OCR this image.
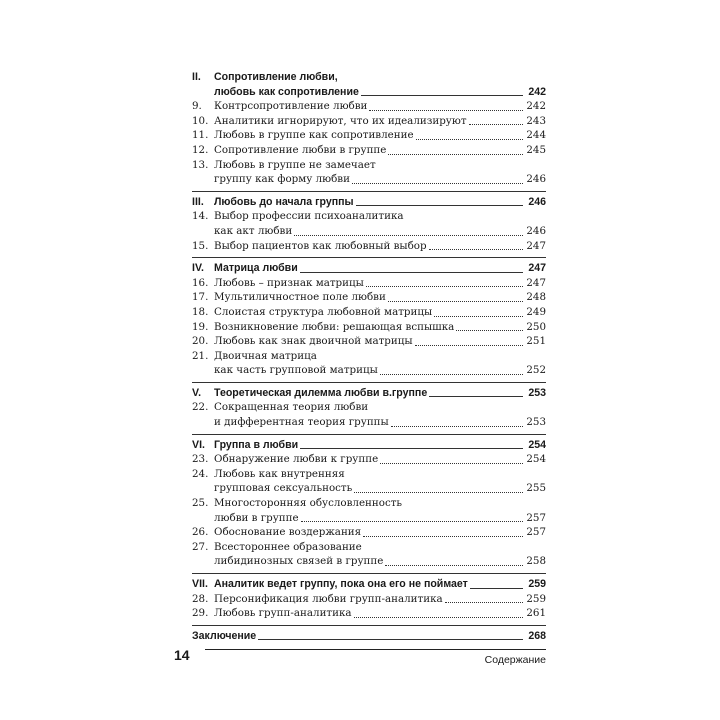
II.	Сопротивление любви,
любовь как сопротивление	242
9.	Контрсопротивление любви	242
10. Аналитики игнорируют, что их идеализируют	243
11. Любовь в группе как сопротивление	244
12. Сопротивление любви в группе	245
13. Любовь в группе не замечает
группу как форму любви	246
III. Любовь до начала группы	246
14. Выбор профессии психоаналитика
как акт любви	246
15. Выбор пациентов как любовный выбор	247
IV. Матрица любви	247
16. Любовь – признак матрицы	247
17. Мультиличностное поле любви	248
18. Слоистая структура любовной матрицы	249
19. Возникновение любви: решающая вспышка	250
20. Любовь как знак двоичной матрицы	251
21. Двоичная матрица
как часть групповой матрицы	252
V.	Теоретическая дилемма любви в.группе	253
22. Сокращенная теория любви
и дифферентная теория группы	253
VI. Группа в любви	254
23. Обнаружение любви к группе	254
24. Любовь как внутренняя
групповая сексуальность	255
25. Многосторонняя обусловленность
любви в группе	257
26. Обоснование воздержания	257
27. Всестороннее образование
либидинозных связей в группе	258
VII. Аналитик ведет группу, пока она его не поймает	259
28. Персонификация любви групп-аналитика	259
29. Любовь групп-аналитика	261
Заключение	268
14	Содержание
